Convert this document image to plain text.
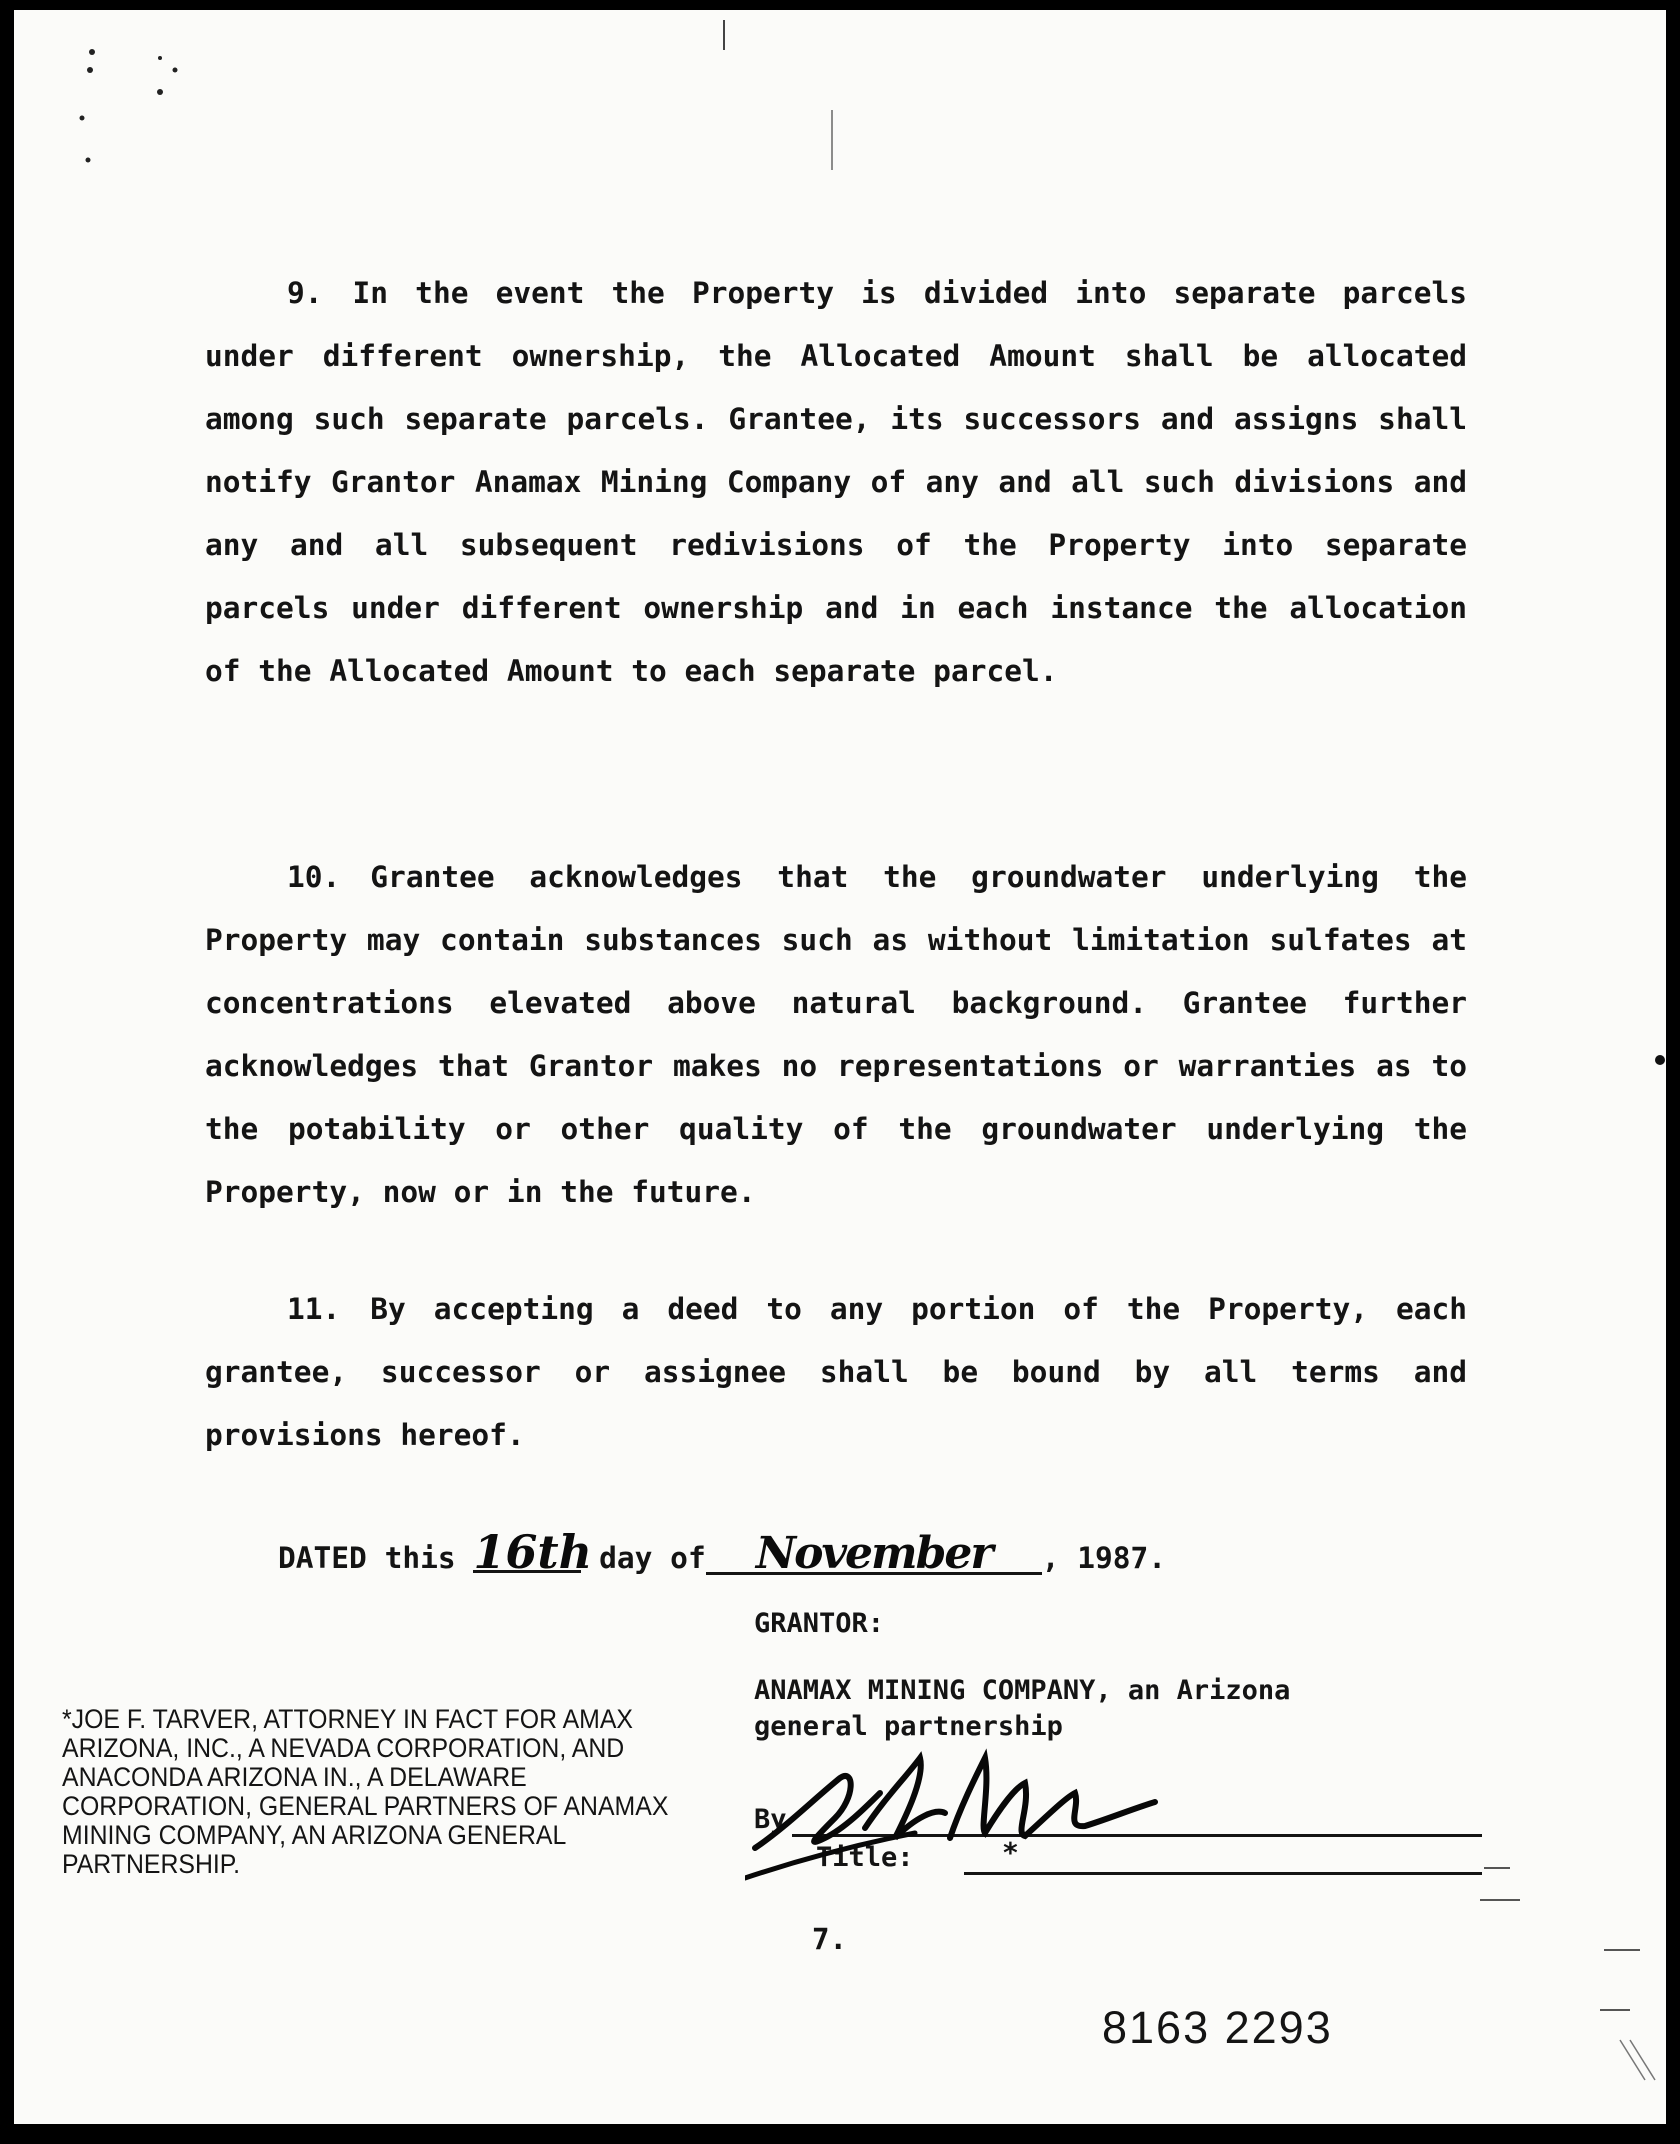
9. In the event the Property is divided into separate parcels under different ownership, the Allocated Amount shall be allocated among such separate parcels. Grantee, its successors and assigns shall notify Grantor Anamax Mining Company of any and all such divisions and any and all subsequent redivisions of the Property into separate parcels under different ownership and in each instance the allocation of the Allocated Amount to each separate parcel.

10. Grantee acknowledges that the groundwater underlying the Property may contain substances such as without limitation sulfates at concentrations elevated above natural background. Grantee further acknowledges that Grantor makes no representations or warranties as to the potability or other quality of the groundwater underlying the Property, now or in the future.

11. By accepting a deed to any portion of the Property, each grantee, successor or assignee shall be bound by all terms and provisions hereof.

DATED this 16th day of November , 1987.
GRANTOR:
ANAMAX MINING COMPANY, an Arizona general partnership
*JOE F. TARVER, ATTORNEY IN FACT FOR AMAX ARIZONA, INC., A NEVADA CORPORATION, AND ANACONDA ARIZONA IN., A DELAWARE CORPORATION, GENERAL PARTNERS OF ANAMAX MINING COMPANY, AN ARIZONA GENERAL PARTNERSHIP.
By
Title:	*
7.
8163 2293
